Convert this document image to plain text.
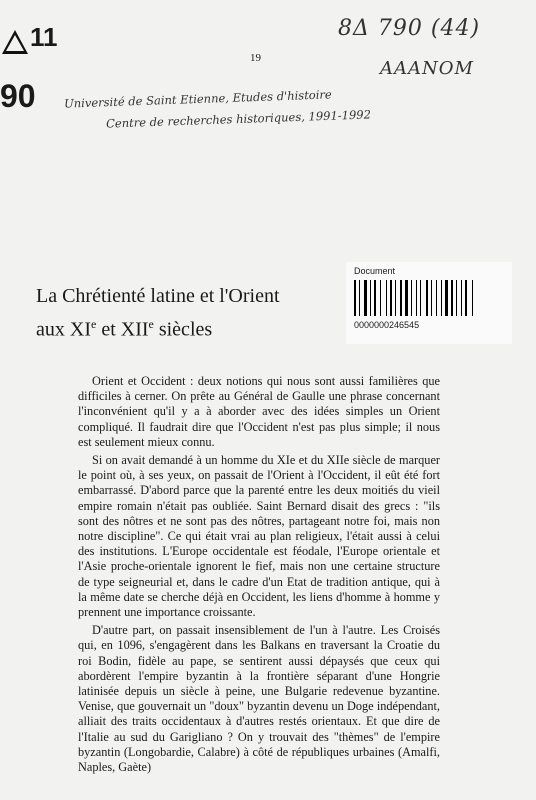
11
90
8Δ 790 (44)
AAANOM
19
Université de Saint Etienne, Etudes d'histoire
Centre de recherches historiques, 1991-1992
Document
0000000246545
La Chrétienté latine et l'Orient
aux XIe et XIIe siècles

Orient et Occident : deux notions qui nous sont aussi familières que difficiles à cerner. On prête au Général de Gaulle une phrase concernant l'inconvénient qu'il y a à aborder avec des idées simples un Orient compliqué. Il faudrait dire que l'Occident n'est pas plus simple; il nous est seulement mieux connu.

Si on avait demandé à un homme du XIe et du XIIe siècle de marquer le point où, à ses yeux, on passait de l'Orient à l'Occident, il eût été fort embarrassé. D'abord parce que la parenté entre les deux moitiés du vieil empire romain n'était pas oubliée. Saint Bernard disait des grecs : "ils sont des nôtres et ne sont pas des nôtres, partageant notre foi, mais non notre discipline". Ce qui était vrai au plan religieux, l'était aussi à celui des institutions. L'Europe occidentale est féodale, l'Europe orientale et l'Asie proche-orientale ignorent le fief, mais non une certaine structure de type seigneurial et, dans le cadre d'un Etat de tradition antique, qui à la même date se cherche déjà en Occident, les liens d'homme à homme y prennent une importance croissante.

D'autre part, on passait insensiblement de l'un à l'autre. Les Croisés qui, en 1096, s'engagèrent dans les Balkans en traversant la Croatie du roi Bodin, fidèle au pape, se sentirent aussi dépaysés que ceux qui abordèrent l'empire byzantin à la frontière séparant d'une Hongrie latinisée depuis un siècle à peine, une Bulgarie redevenue byzantine. Venise, que gouvernait un "doux" byzantin devenu un Doge indépendant, alliait des traits occidentaux à d'autres restés orientaux. Et que dire de l'Italie au sud du Garigliano ? On y trouvait des "thèmes" de l'empire byzantin (Longobardie, Calabre) à côté de républiques urbaines (Amalfi, Naples, Gaète)
